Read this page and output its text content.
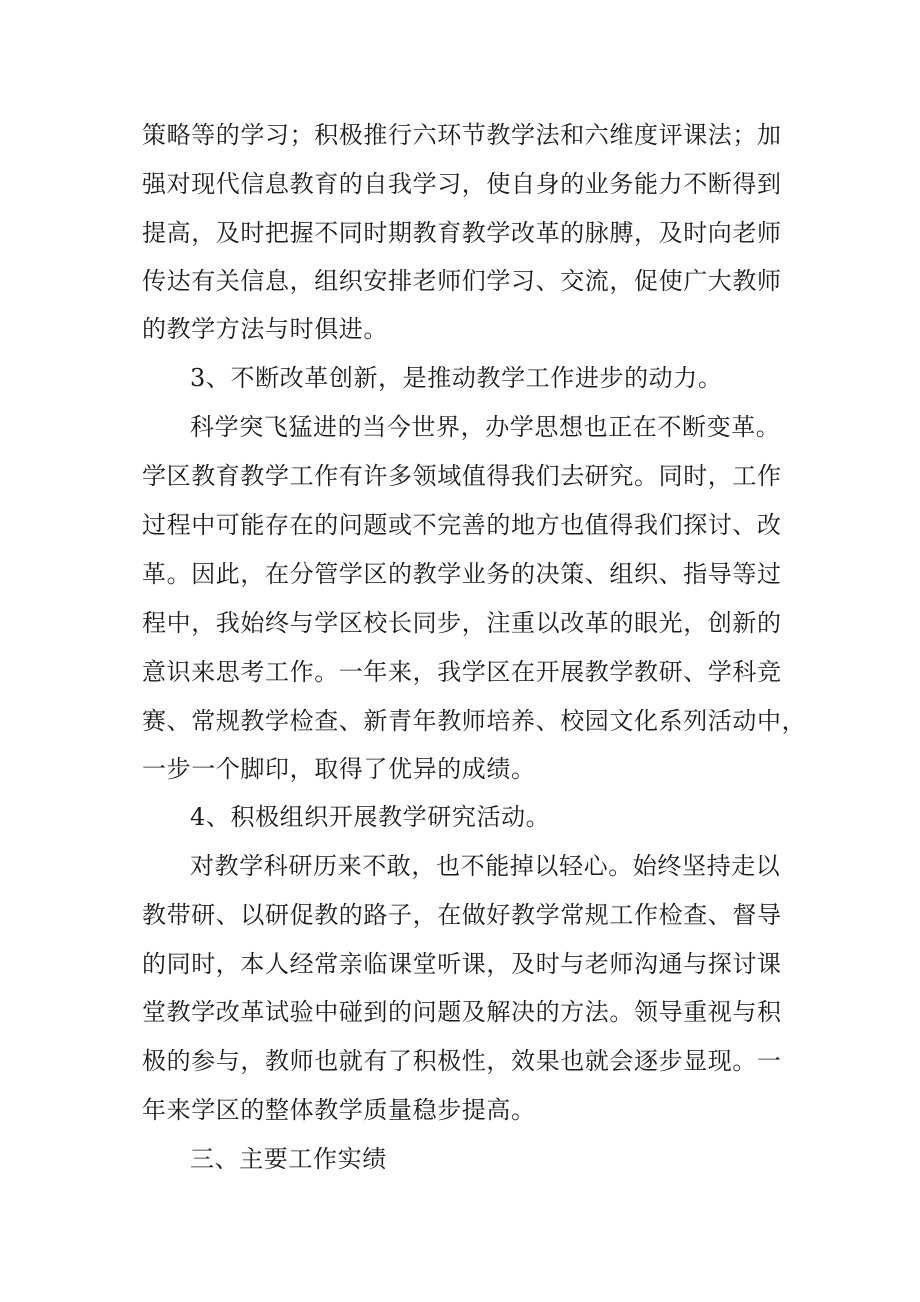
策略等的学习；积极推行六环节教学法和六维度评课法；加
强对现代信息教育的自我学习，使自身的业务能力不断得到
提高，及时把握不同时期教育教学改革的脉膊，及时向老师
传达有关信息，组织安排老师们学习、交流，促使广大教师
的教学方法与时俱进。
3、不断改革创新，是推动教学工作进步的动力。
科学突飞猛进的当今世界，办学思想也正在不断变革。
学区教育教学工作有许多领域值得我们去研究。同时，工作
过程中可能存在的问题或不完善的地方也值得我们探讨、改
革。因此，在分管学区的教学业务的决策、组织、指导等过
程中，我始终与学区校长同步，注重以改革的眼光，创新的
意识来思考工作。一年来，我学区在开展教学教研、学科竞
赛、常规教学检查、新青年教师培养、校园文化系列活动中，
一步一个脚印，取得了优异的成绩。
4、积极组织开展教学研究活动。
对教学科研历来不敢，也不能掉以轻心。始终坚持走以
教带研、以研促教的路子，在做好教学常规工作检查、督导
的同时，本人经常亲临课堂听课，及时与老师沟通与探讨课
堂教学改革试验中碰到的问题及解决的方法。领导重视与积
极的参与，教师也就有了积极性，效果也就会逐步显现。一
年来学区的整体教学质量稳步提高。
三、主要工作实绩
